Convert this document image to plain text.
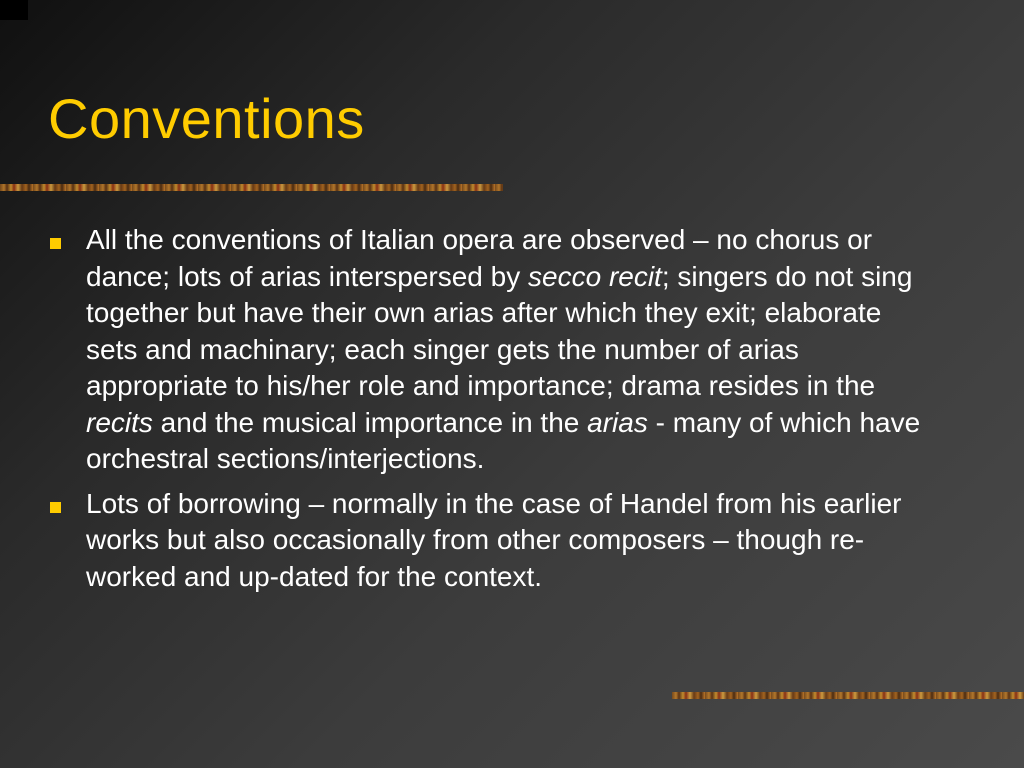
Conventions
All the conventions of Italian opera are observed – no chorus or dance; lots of arias interspersed by secco recit; singers do not sing together but have their own arias after which they exit; elaborate sets and machinary; each singer gets the number of arias appropriate to his/her role and importance; drama resides in the recits and the musical importance in the arias - many of which have orchestral sections/interjections.
Lots of borrowing – normally in the case of Handel from his earlier works but also occasionally from other composers – though re-worked and up-dated for the context.
